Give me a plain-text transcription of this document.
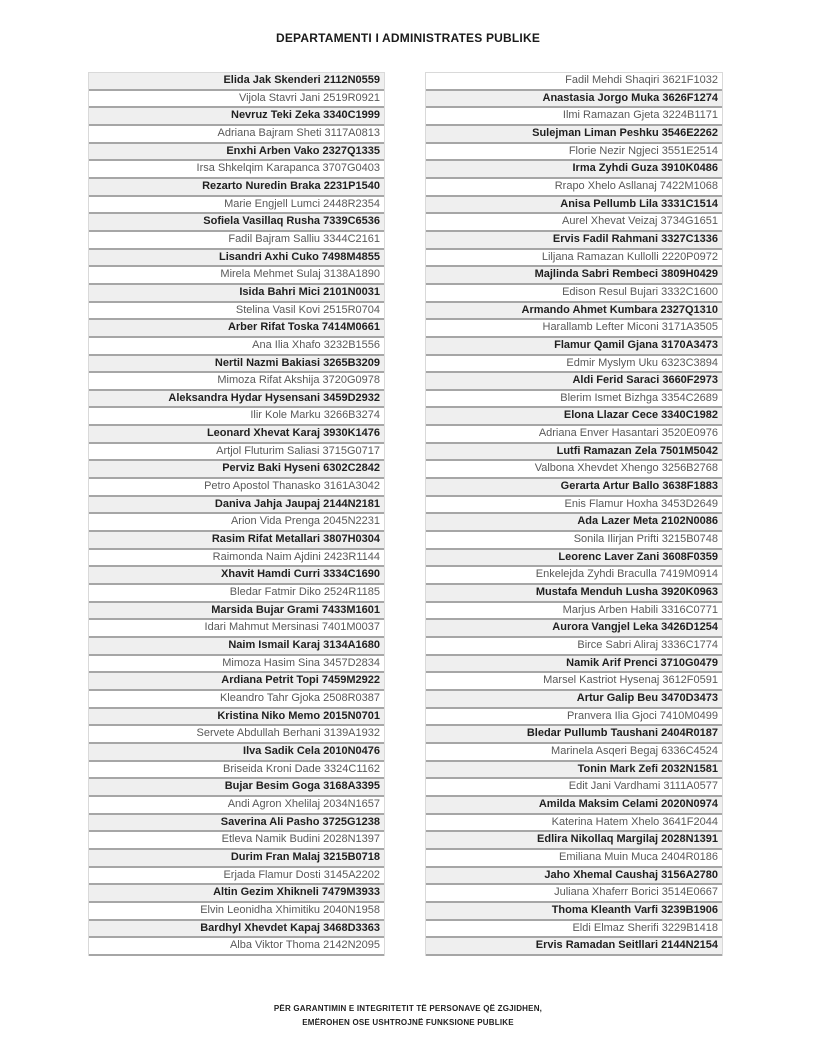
DEPARTAMENTI I ADMINISTRATES PUBLIKE
Elida Jak Skenderi 2112N0559
Vijola Stavri Jani 2519R0921
Nevruz Teki Zeka 3340C1999
Adriana Bajram Sheti 3117A0813
Enxhi Arben Vako 2327Q1335
Irsa Shkelqim Karapanca 3707G0403
Rezarto Nuredin Braka 2231P1540
Marie Engjell Lumci 2448R2354
Sofiela Vasillaq Rusha 7339C6536
Fadil Bajram Salliu 3344C2161
Lisandri Axhi Cuko 7498M4855
Mirela Mehmet Sulaj 3138A1890
Isida Bahri Mici 2101N0031
Stelina Vasil Kovi 2515R0704
Arber Rifat Toska 7414M0661
Ana Ilia Xhafo 3232B1556
Nertil Nazmi Bakiasi 3265B3209
Mimoza Rifat Akshija 3720G0978
Aleksandra Hydar Hysensani 3459D2932
Ilir Kole Marku 3266B3274
Leonard Xhevat Karaj 3930K1476
Artjol Fluturim Saliasi 3715G0717
Perviz Baki Hyseni 6302C2842
Petro Apostol Thanasko 3161A3042
Daniva Jahja Jaupaj 2144N2181
Arion Vida Prenga 2045N2231
Rasim Rifat Metallari 3807H0304
Raimonda Naim Ajdini 2423R1144
Xhavit Hamdi Curri 3334C1690
Bledar Fatmir Diko 2524R1185
Marsida Bujar Grami 7433M1601
Idari Mahmut Mersinasi 7401M0037
Naim Ismail Karaj 3134A1680
Mimoza Hasim Sina 3457D2834
Ardiana Petrit Topi 7459M2922
Kleandro Tahr Gjoka 2508R0387
Kristina Niko Memo 2015N0701
Servete Abdullah Berhani 3139A1932
Ilva Sadik Cela 2010N0476
Briseida Kroni Dade 3324C1162
Bujar Besim Goga 3168A3395
Andi Agron Xhelilaj 2034N1657
Saverina Ali Pasho 3725G1238
Etleva Namik Budini 2028N1397
Durim Fran Malaj 3215B0718
Erjada Flamur Dosti 3145A2202
Altin Gezim Xhikneli 7479M3933
Elvin Leonidha Xhimitiku 2040N1958
Bardhyl Xhevdet Kapaj 3468D3363
Alba Viktor Thoma 2142N2095
Fadil Mehdi Shaqiri 3621F1032
Anastasia Jorgo Muka 3626F1274
Ilmi Ramazan Gjeta 3224B1171
Sulejman Liman Peshku 3546E2262
Florie Nezir Ngjeci 3551E2514
Irma Zyhdi Guza 3910K0486
Rrapo Xhelo Asllanaj 7422M1068
Anisa Pellumb Lila 3331C1514
Aurel Xhevat Veizaj 3734G1651
Ervis Fadil Rahmani 3327C1336
Liljana Ramazan Kullolli 2220P0972
Majlinda Sabri Rembeci 3809H0429
Edison Resul Bujari 3332C1600
Armando Ahmet Kumbara 2327Q1310
Harallamb Lefter Miconi 3171A3505
Flamur Qamil Gjana 3170A3473
Edmir Myslym Uku 6323C3894
Aldi Ferid Saraci 3660F2973
Blerim Ismet Bizhga 3354C2689
Elona Llazar Cece 3340C1982
Adriana Enver Hasantari 3520E0976
Lutfi Ramazan Zela 7501M5042
Valbona Xhevdet Xhengo 3256B2768
Gerarta Artur Ballo 3638F1883
Enis Flamur Hoxha 3453D2649
Ada Lazer Meta 2102N0086
Sonila Ilirjan Prifti 3215B0748
Leorenc Laver Zani 3608F0359
Enkelejda Zyhdi Braculla 7419M0914
Mustafa Menduh Lusha 3920K0963
Marjus Arben Habili 3316C0771
Aurora Vangjel Leka 3426D1254
Birce Sabri Aliraj 3336C1774
Namik Arif Prenci 3710G0479
Marsel Kastriot Hysenaj 3612F0591
Artur Galip Beu 3470D3473
Pranvera Ilia Gjoci 7410M0499
Bledar Pullumb Taushani 2404R0187
Marinela Asqeri Begaj 6336C4524
Tonin Mark Zefi 2032N1581
Edit Jani Vardhami 3111A0577
Amilda Maksim Celami 2020N0974
Katerina Hatem Xhelo 3641F2044
Edlira Nikollaq Margilaj 2028N1391
Emiliana Muin Muca 2404R0186
Jaho Xhemal Caushaj 3156A2780
Juliana Xhaferr Borici 3514E0667
Thoma Kleanth Varfi 3239B1906
Eldi Elmaz Sherifi 3229B1418
Ervis Ramadan Seitllari 2144N2154
PËR GARANTIMIN E INTEGRITETIT TË PERSONAVE QË ZGJIDHEN,
EMËROHEN OSE USHTROJNË FUNKSIONE PUBLIKE
